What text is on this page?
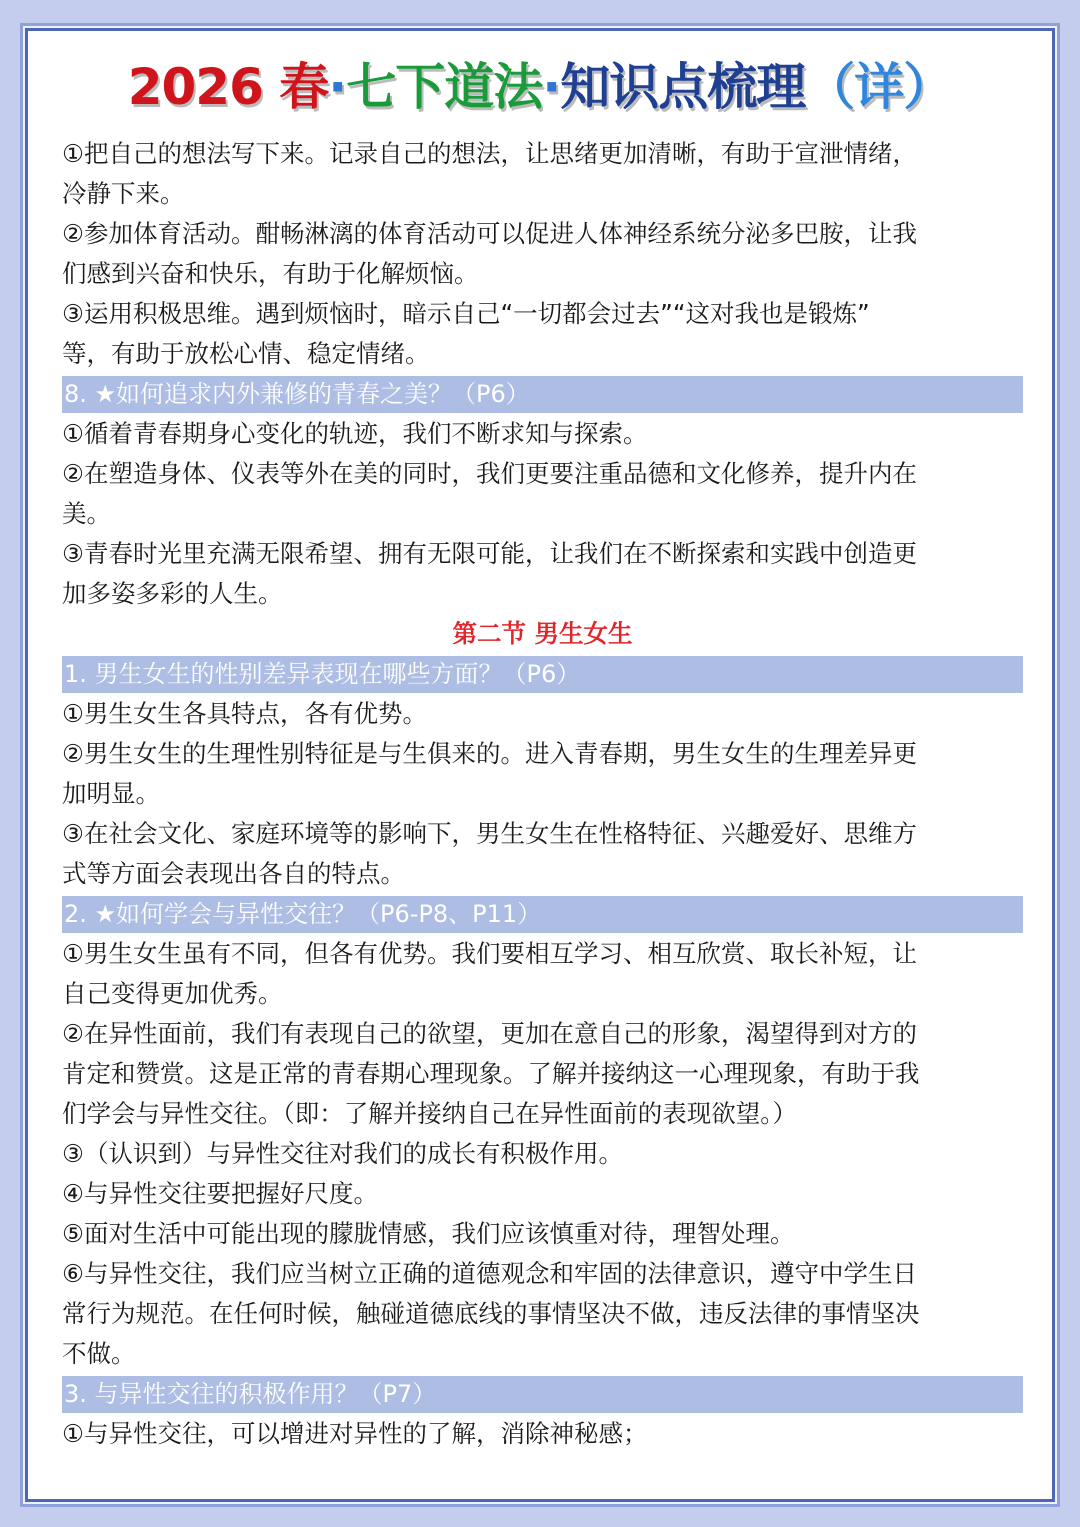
2026 春·七下道法·知识点梳理（详）
①把自己的想法写下来。记录自己的想法，让思绪更加清晰，有助于宣泄情绪，
冷静下来。
②参加体育活动。酣畅淋漓的体育活动可以促进人体神经系统分泌多巴胺，让我
们感到兴奋和快乐，有助于化解烦恼。
③运用积极思维。遇到烦恼时，暗示自己“一切都会过去”“这对我也是锻炼”
等，有助于放松心情、稳定情绪。
8. ★如何追求内外兼修的青春之美？（P6）
①循着青春期身心变化的轨迹，我们不断求知与探索。
②在塑造身体、仪表等外在美的同时，我们更要注重品德和文化修养，提升内在
美。
③青春时光里充满无限希望、拥有无限可能，让我们在不断探索和实践中创造更
加多姿多彩的人生。
第二节 男生女生
1. 男生女生的性别差异表现在哪些方面？（P6）
①男生女生各具特点，各有优势。
②男生女生的生理性别特征是与生俱来的。进入青春期，男生女生的生理差异更
加明显。
③在社会文化、家庭环境等的影响下，男生女生在性格特征、兴趣爱好、思维方
式等方面会表现出各自的特点。
2. ★如何学会与异性交往？（P6-P8、P11）
①男生女生虽有不同，但各有优势。我们要相互学习、相互欣赏、取长补短，让
自己变得更加优秀。
②在异性面前，我们有表现自己的欲望，更加在意自己的形象，渴望得到对方的
肯定和赞赏。这是正常的青春期心理现象。了解并接纳这一心理现象，有助于我
们学会与异性交往。（即：了解并接纳自己在异性面前的表现欲望。）
③（认识到）与异性交往对我们的成长有积极作用。
④与异性交往要把握好尺度。
⑤面对生活中可能出现的朦胧情感，我们应该慎重对待，理智处理。
⑥与异性交往，我们应当树立正确的道德观念和牢固的法律意识，遵守中学生日
常行为规范。在任何时候，触碰道德底线的事情坚决不做，违反法律的事情坚决
不做。
3. 与异性交往的积极作用？（P7）
①与异性交往，可以增进对异性的了解，消除神秘感；
